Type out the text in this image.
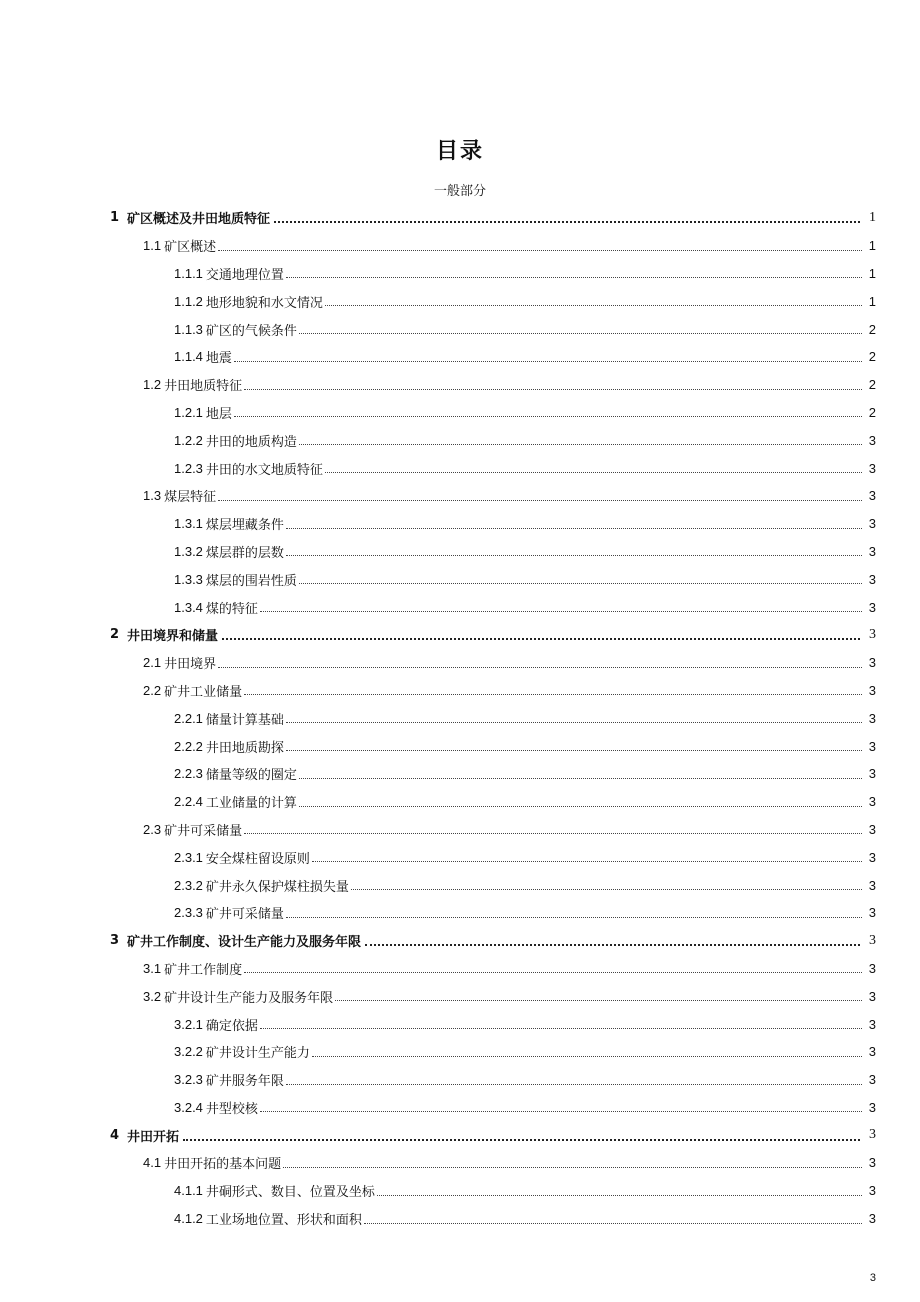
目录
一般部分
1 矿区概述及井田地质特征	1
1.1 矿区概述	1
1.1.1 交通地理位置	1
1.1.2 地形地貌和水文情况	1
1.1.3 矿区的气候条件	2
1.1.4 地震	2
1.2 井田地质特征	2
1.2.1 地层	2
1.2.2 井田的地质构造	3
1.2.3 井田的水文地质特征	3
1.3 煤层特征	3
1.3.1 煤层埋藏条件	3
1.3.2 煤层群的层数	3
1.3.3 煤层的围岩性质	3
1.3.4 煤的特征	3
2 井田境界和储量	3
2.1 井田境界	3
2.2 矿井工业储量	3
2.2.1 储量计算基础	3
2.2.2 井田地质勘探	3
2.2.3 储量等级的圈定	3
2.2.4 工业储量的计算	3
2.3 矿井可采储量	3
2.3.1 安全煤柱留设原则	3
2.3.2 矿井永久保护煤柱损失量	3
2.3.3 矿井可采储量	3
3 矿井工作制度、设计生产能力及服务年限	3
3.1 矿井工作制度	3
3.2 矿井设计生产能力及服务年限	3
3.2.1 确定依据	3
3.2.2 矿井设计生产能力	3
3.2.3 矿井服务年限	3
3.2.4 井型校核	3
4 井田开拓	3
4.1 井田开拓的基本问题	3
4.1.1 井硐形式、数目、位置及坐标	3
4.1.2 工业场地位置、形状和面积	3
3
